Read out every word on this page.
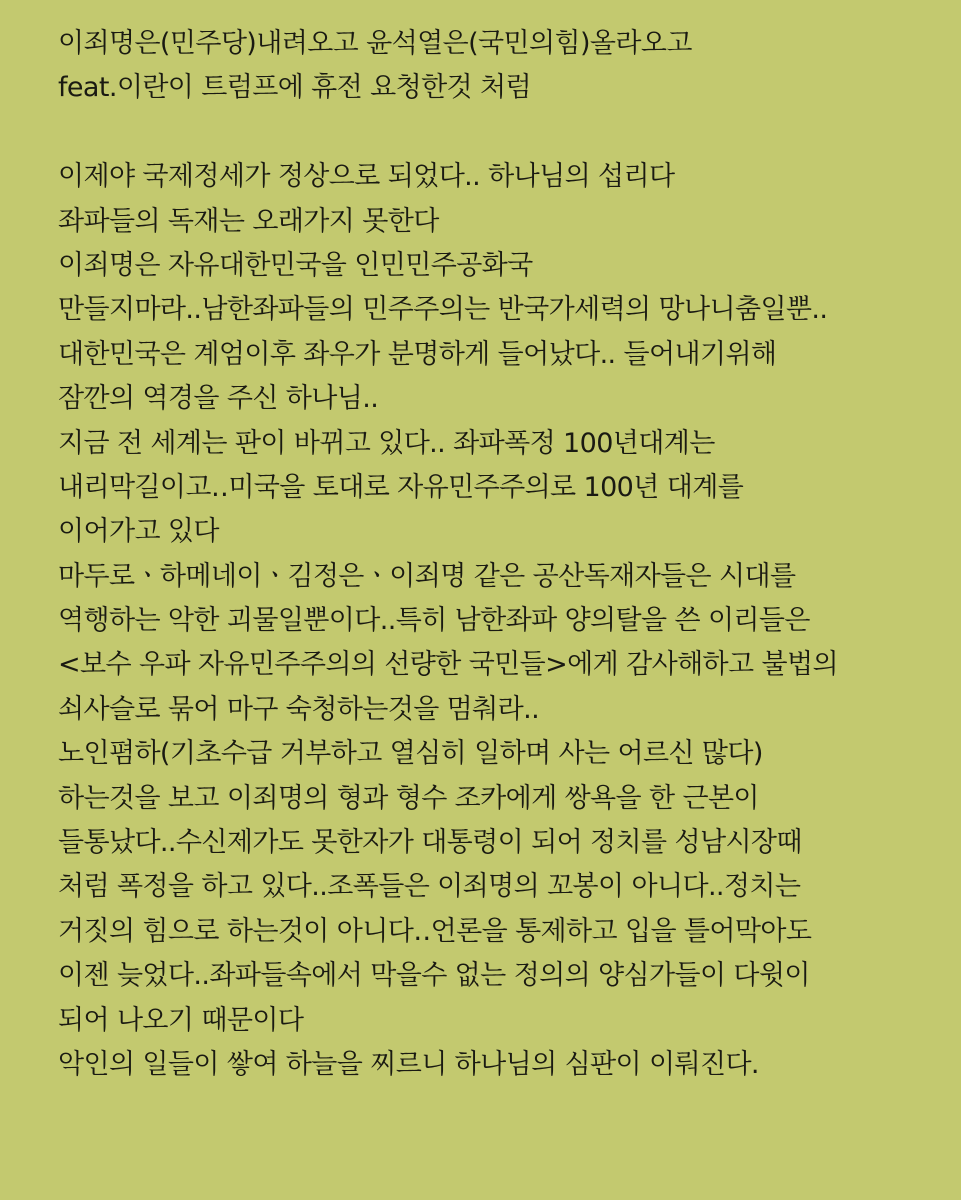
이죄명은(민주당)내려오고 윤석열은(국민의힘)올라오고
feat.이란이 트럼프에 휴전 요청한것 처럼
이제야 국제정세가 정상으로 되었다.. 하나님의 섭리다
좌파들의 독재는 오래가지 못한다
이죄명은 자유대한민국을 인민민주공화국
만들지마라..남한좌파들의 민주주의는 반국가세력의 망나니춤일뿐..
대한민국은 계엄이후 좌우가 분명하게 들어났다.. 들어내기위해
잠깐의 역경을 주신 하나님..
지금 전 세계는 판이 바뀌고 있다.. 좌파폭정 100년대계는
내리막길이고‥미국을 토대로 자유민주주의로 100년 대계를
이어가고 있다
마두로ㆍ하메네이ㆍ김정은ㆍ이죄명 같은 공산독재자들은 시대를
역행하는 악한 괴물일뿐이다..특히 남한좌파 양의탈을 쓴 이리들은
<보수 우파 자유민주주의의 선량한 국민들>에게 감사해하고 불법의
쇠사슬로 묶어 마구 숙청하는것을 멈춰라..
노인폄하(기초수급 거부하고 열심히 일하며 사는 어르신 많다)
하는것을 보고 이죄명의 형과 형수 조카에게 쌍욕을 한 근본이
들통났다..수신제가도 못한자가 대통령이 되어 정치를 성남시장때
처럼 폭정을 하고 있다..조폭들은 이죄명의 꼬봉이 아니다..정치는
거짓의 힘으로 하는것이 아니다‥언론을 통제하고 입을 틀어막아도
이젠 늦었다..좌파들속에서 막을수 없는 정의의 양심가들이 다윗이
되어 나오기 때문이다
악인의 일들이 쌓여 하늘을 찌르니 하나님의 심판이 이뤄진다.
